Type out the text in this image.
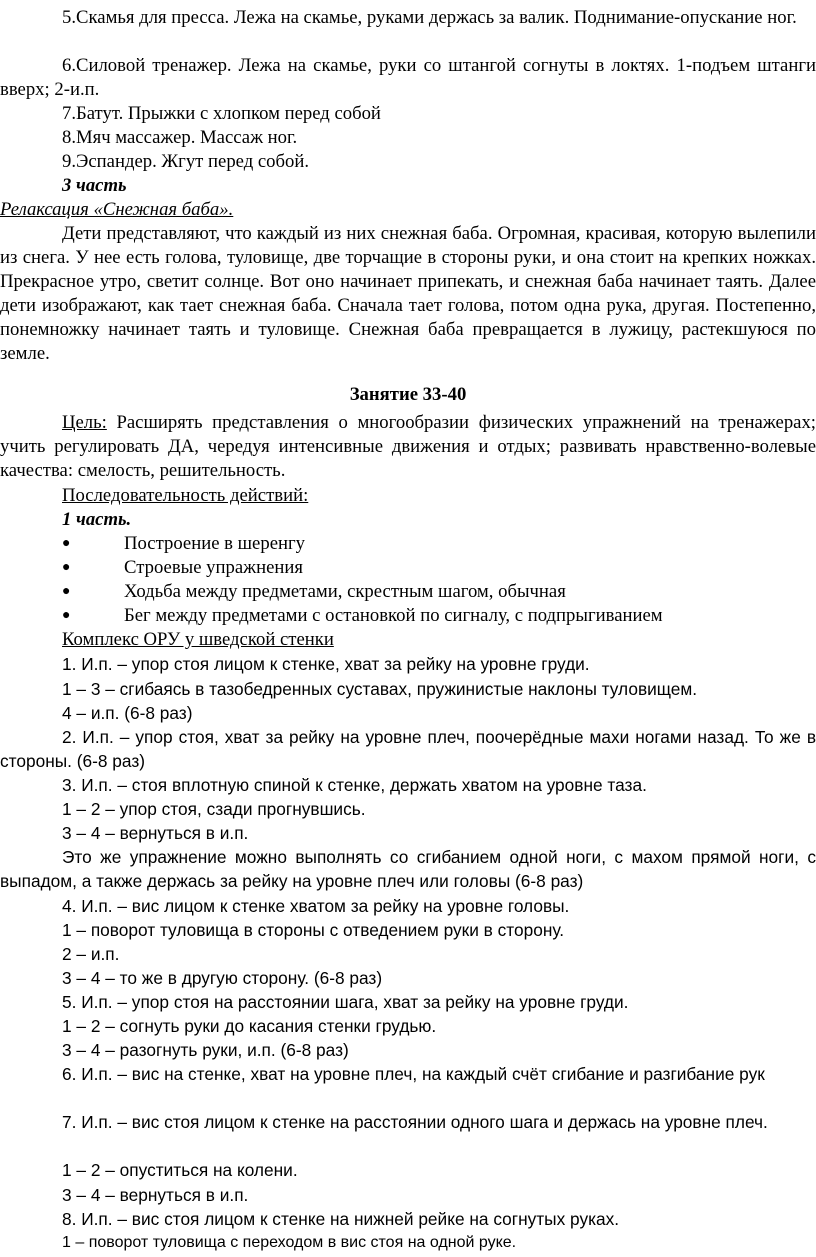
5.Скамья для пресса. Лежа на скамье, руками держась за валик. Поднимание-опускание ног.

6.Силовой тренажер. Лежа на скамье, руки со штангой согнуты в локтях. 1-подъем штанги вверх; 2-и.п.

7.Батут. Прыжки с хлопком перед собой

8.Мяч массажер. Массаж ног.

9.Эспандер. Жгут перед собой.

3 часть

Релаксация «Снежная баба».

Дети представляют, что каждый из них снежная баба. Огромная, красивая, которую вылепили из снега. У нее есть голова, туловище, две торчащие в стороны руки, и она стоит на крепких ножках. Прекрасное утро, светит солнце. Вот оно начинает припекать, и снежная баба начинает таять. Далее дети изображают, как тает снежная баба. Сначала тает голова, потом одна рука, другая. Постепенно, понемножку начинает таять и туловище. Снежная баба превращается в лужицу, растекшуюся по земле.

Занятие 33-40

Цель: Расширять представления о многообразии физических упражнений на тренажерах; учить регулировать ДА, чередуя интенсивные движения и отдых; развивать нравственно-волевые качества: смелость, решительность.

Последовательность действий:

1 часть.

●	Построение в шеренгу
●	Строевые упражнения
●	Ходьба между предметами, скрестным шагом, обычная
●	Бег между предметами с остановкой по сигналу, с подпрыгиванием

Комплекс ОРУ у шведской стенки

1. И.п. – упор стоя лицом к стенке, хват за рейку на уровне груди.
1 – 3 – сгибаясь в тазобедренных суставах, пружинистые наклоны туловищем.
4 – и.п. (6-8 раз)

2. И.п. – упор стоя, хват за рейку на уровне плеч, поочерёдные махи ногами назад. То же в стороны. (6-8 раз)

3. И.п. – стоя вплотную спиной к стенке, держать хватом на уровне таза.
1 – 2 – упор стоя, сзади прогнувшись.
3 – 4 – вернуться в и.п.

Это же упражнение можно выполнять со сгибанием одной ноги, с махом прямой ноги, с выпадом, а также держась за рейку на уровне плеч или головы (6-8 раз)

4. И.п. – вис лицом к стенке хватом за рейку на уровне головы.
1 – поворот туловища в стороны с отведением руки в сторону.
2 – и.п.
3 – 4 – то же в другую сторону. (6-8 раз)
5. И.п. – упор стоя на расстоянии шага, хват за рейку на уровне груди.
1 – 2 – согнуть руки до касания стенки грудью.
3 – 4 – разогнуть руки, и.п. (6-8 раз)

6. И.п. – вис на стенке, хват на уровне плеч, на каждый счёт сгибание и разгибание рук

7. И.п. – вис стоя лицом к стенке на расстоянии одного шага и держась на уровне плеч.

1 – 2 – опуститься на колени.
3 – 4 – вернуться в и.п.
8. И.п. – вис стоя лицом к стенке на нижней рейке на согнутых руках.
1 – поворот туловища с переходом в вис стоя на одной руке.
